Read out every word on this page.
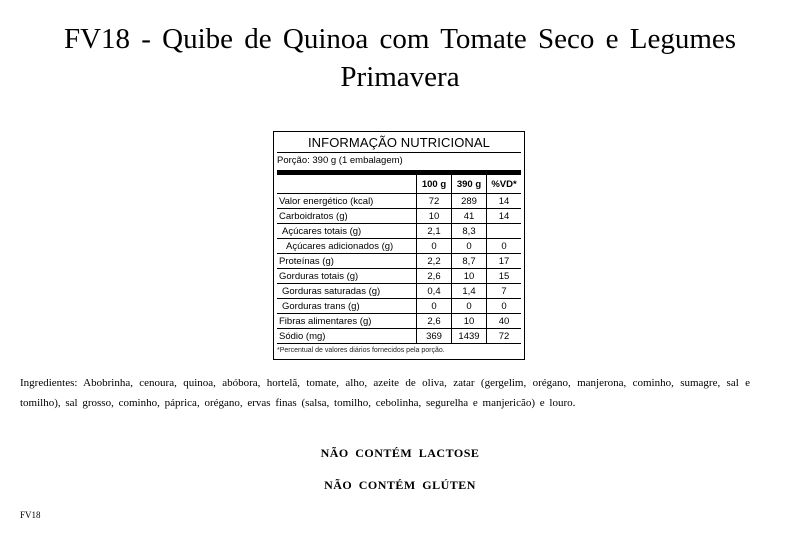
FV18 - Quibe de Quinoa com Tomate Seco e Legumes Primavera
INFORMAÇÃO NUTRICIONAL
Porção: 390 g (1 embalagem)
	100 g	390 g	%VD*
Valor energético (kcal)	72	289	14
Carboidratos (g)	10	41	14
Açúcares totais (g)	2,1	8,3	
Açúcares adicionados (g)	0	0	0
Proteínas (g)	2,2	8,7	17
Gorduras totais (g)	2,6	10	15
Gorduras saturadas (g)	0,4	1,4	7
Gorduras trans (g)	0	0	0
Fibras alimentares (g)	2,6	10	40
Sódio (mg)	369	1439	72
*Percentual de valores diários fornecidos pela porção.
Ingredientes: Abobrinha, cenoura, quinoa, abóbora, hortelã, tomate, alho, azeite de oliva, zatar (gergelim, orégano, manjerona, cominho, sumagre, sal e tomilho), sal grosso, cominho, páprica, orégano, ervas finas (salsa, tomilho, cebolinha, segurelha e manjericão) e louro.
NÃO CONTÉM LACTOSE
NÃO CONTÉM GLÚTEN
FV18
